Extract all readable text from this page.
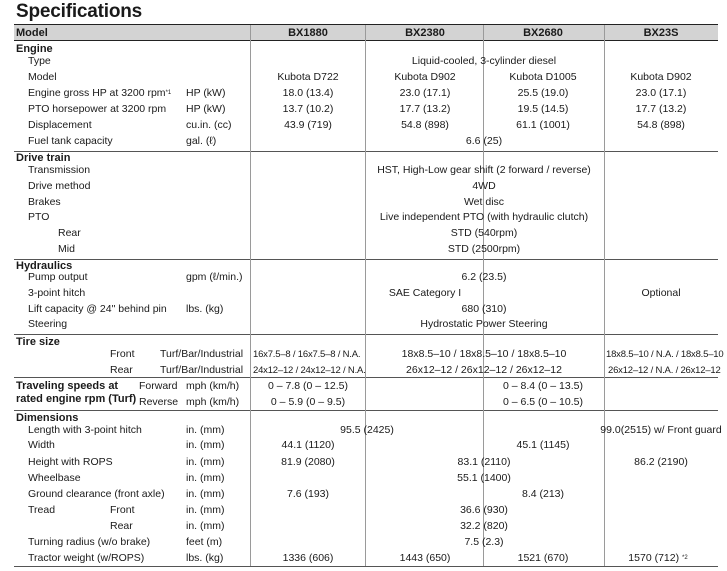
Specifications
Model	BX1880	BX2380	BX2680	BX23S
Engine
Type	Liquid-cooled, 3-cylinder diesel
Model	Kubota D722	Kubota D902	Kubota D1005	Kubota D902
Engine gross HP at 3200 rpm$^{*1}$ HP (kW)	18.0 (13.4)	23.0 (17.1)	25.5 (19.0)	23.0 (17.1)
PTO horsepower at 3200 rpm HP (kW)	13.7 (10.2)	17.7 (13.2)	19.5 (14.5)	17.7 (13.2)
Displacement	cu.in. (cc)	43.9 (719)	54.8 (898)	61.1 (1001)	54.8 (898)
Fuel tank capacity	gal. (ℓ)	6.6 (25)
Drive train
Transmission	HST, High-Low gear shift (2 forward / reverse)
Drive method	4WD
Brakes	Wet disc
PTO	Live independent PTO (with hydraulic clutch)
Rear	STD (540rpm)
Mid	STD (2500rpm)
Hydraulics
Pump output	gpm (ℓ/min.)	6.2 (23.5)
3-point hitch	SAE Category I	Optional
Lift capacity @ 24" behind pin lbs. (kg)	680 (310)
Steering	Hydrostatic Power Steering
Tire size
Front Turf/Bar/Industrial 16x7.5–8 / 16x7.5–8 / N.A.	18x8.5–10 / 18x8.5–10 / 18x8.5–10	18x8.5–10 / N.A. / 18x8.5–10
Rear	Turf/Bar/Industrial 24x12–12 / 24x12–12 / N.A.	26x12–12 / 26x12–12 / 26x12–12	26x12–12 / N.A. / 26x12–12
Traveling speeds at
rated engine rpm (Turf)
Forward mph (km/h)	0 – 7.8 (0 – 12.5)	0 – 8.4 (0 – 13.5)
Reverse mph (km/h)	0 – 5.9 (0 – 9.5)	0 – 6.5 (0 – 10.5)
Dimensions
Length with 3-point hitch	in. (mm)	95.5 (2425)	99.0(2515) w/ Front guard
Width	in. (mm)	44.1 (1120)	45.1 (1145)
Height with ROPS	in. (mm)	81.9 (2080)	83.1 (2110)	86.2 (2190)
Wheelbase	in. (mm)	55.1 (1400)
Ground clearance (front axle) in. (mm)	7.6 (193)	8.4 (213)
Tread	Front	in. (mm)	36.6 (930)
Rear	in. (mm)	32.2 (820)
Turning radius (w/o brake)	feet (m)	7.5 (2.3)
Tractor weight (w/ROPS)	lbs. (kg)	1336 (606)	1443 (650)	1521 (670)	1570 (712) $^{*2}$
